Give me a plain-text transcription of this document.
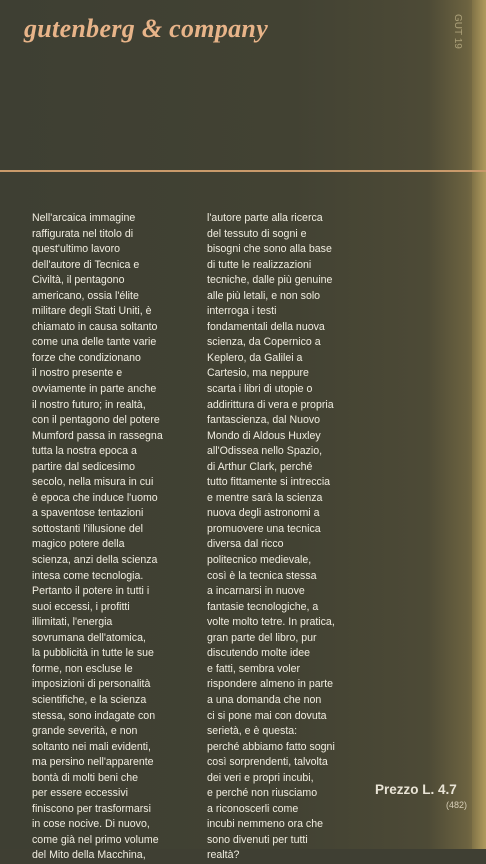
GUT 19
gutenberg & company
Nell'arcaica immagine
raffigurata nel titolo di
quest'ultimo lavoro
dell'autore di Tecnica e
Civiltà, il pentagono
americano, ossia l'élite
militare degli Stati Uniti, è
chiamato in causa soltanto
come una delle tante varie
forze che condizionano
il nostro presente e
ovviamente in parte anche
il nostro futuro; in realtà,
con il pentagono del potere
Mumford passa in rassegna
tutta la nostra epoca a
partire dal sedicesimo
secolo, nella misura in cui
è epoca che induce l'uomo
a spaventose tentazioni
sottostanti l'illusione del
magico potere della
scienza, anzi della scienza
intesa come tecnologia.
Pertanto il potere in tutti i
suoi eccessi, i profitti
illimitati, l'energia
sovrumana dell'atomica,
la pubblicità in tutte le sue
forme, non escluse le
imposizioni di personalità
scientifiche, e la scienza
stessa, sono indagate con
grande severità, e non
soltanto nei mali evidenti,
ma persino nell'apparente
bontà di molti beni che
per essere eccessivi
finiscono per trasformarsi
in cose nocive. Di nuovo,
come già nel primo volume
del Mito della Macchina,
l'autore parte alla ricerca
del tessuto di sogni e
bisogni che sono alla base
di tutte le realizzazioni
tecniche, dalle più genuine
alle più letali, e non solo
interroga i testi
fondamentali della nuova
scienza, da Copernico a
Keplero, da Galilei a
Cartesio, ma neppure
scarta i libri di utopie o
addirittura di vera e propria
fantascienza, dal Nuovo
Mondo di Aldous Huxley
all'Odissea nello Spazio,
di Arthur Clark, perché
tutto fittamente si intreccia
e mentre sarà la scienza
nuova degli astronomi a
promuovere una tecnica
diversa dal ricco
politecnico medievale,
così è la tecnica stessa
a incarnarsi in nuove
fantasie tecnologiche, a
volte molto tetre. In pratica,
gran parte del libro, pur
discutendo molte idee
e fatti, sembra voler
rispondere almeno in parte
a una domanda che non
ci si pone mai con dovuta
serietà, e è questa:
perché abbiamo fatto sogni
così sorprendenti, talvolta
dei veri e propri incubi,
e perché non riusciamo
a riconoscerli come
incubi nemmeno ora che
sono divenuti per tutti
realtà?
Prezzo L. 4.7
(482)
